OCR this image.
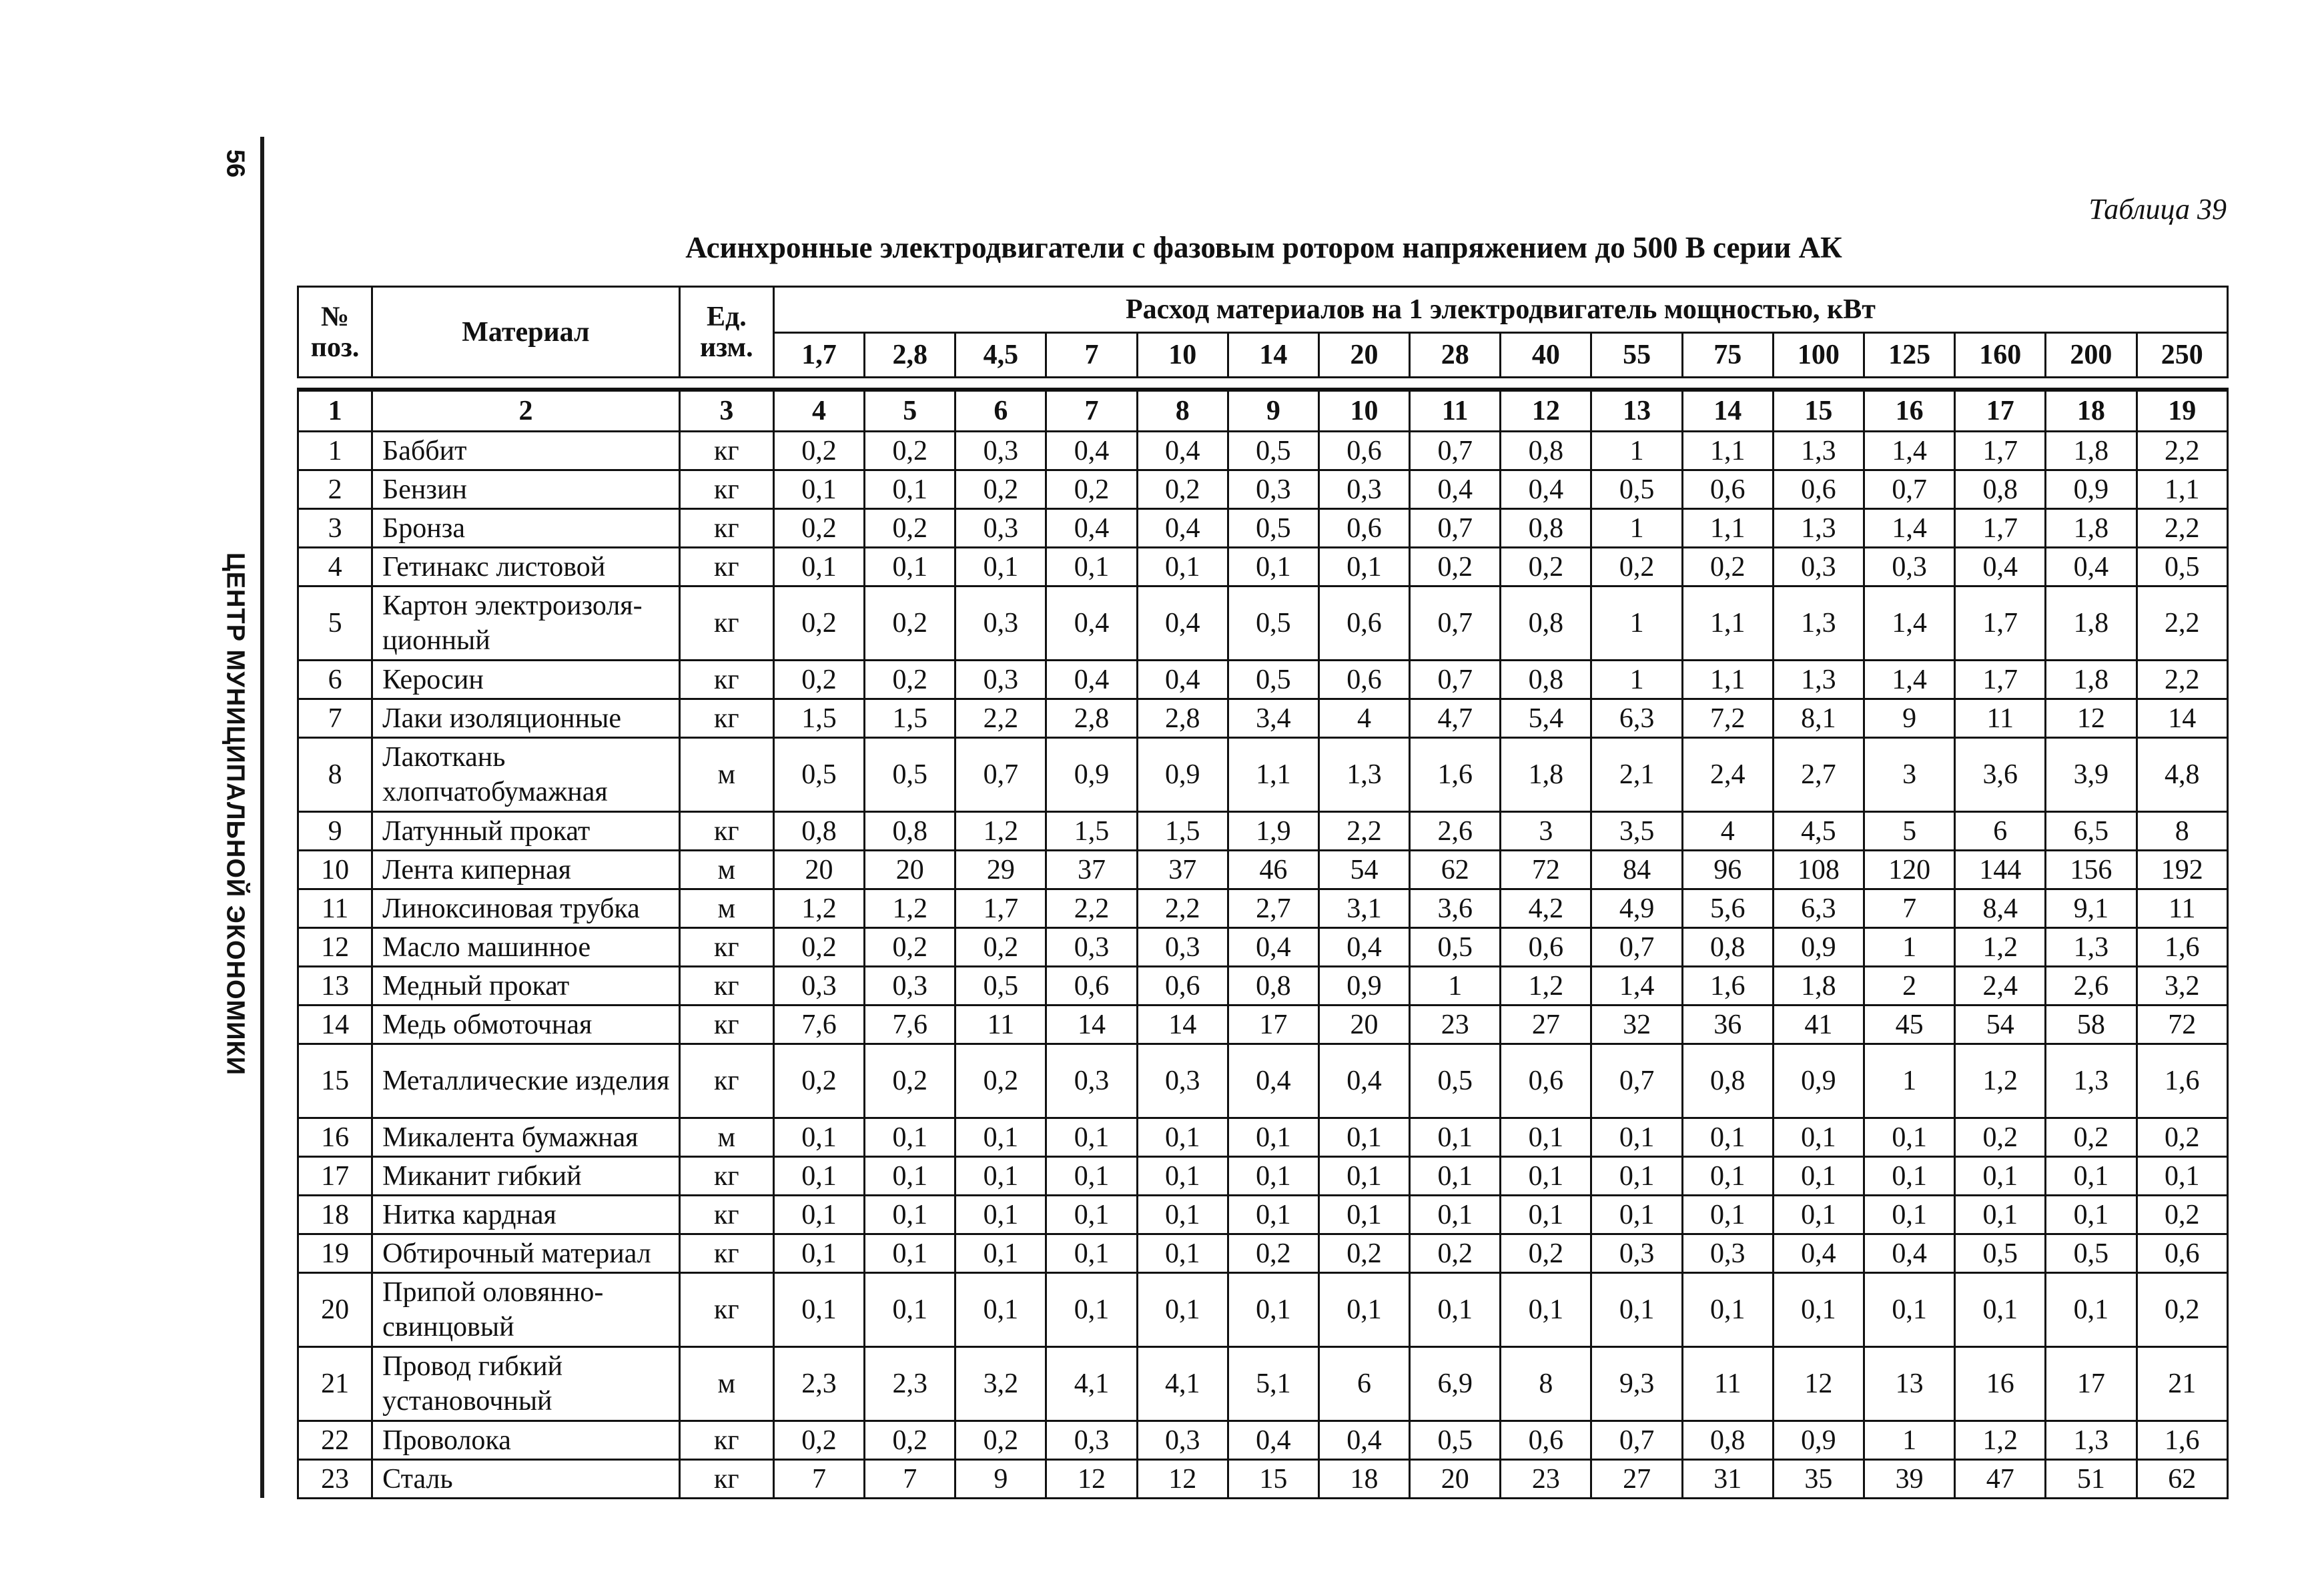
56
ЦЕНТР МУНИЦИПАЛЬНОЙ ЭКОНОМИКИ
Таблица 39
Асинхронные электродвигатели с фазовым ротором напряжением до 500 В серии АК
№ поз.	Материал	Ед. изм.	Расход материалов на 1 электродвигатель мощностью, кВт															
			1,7	2,8	4,5	7	10	14	20	28	40	55	75	100	125	160	200	250

1	2	3	4	5	6	7	8	9	10	11	12	13	14	15	16	17	18	19
1	Баббит	кг	0,2	0,2	0,3	0,4	0,4	0,5	0,6	0,7	0,8	1	1,1	1,3	1,4	1,7	1,8	2,2
2	Бензин	кг	0,1	0,1	0,2	0,2	0,2	0,3	0,3	0,4	0,4	0,5	0,6	0,6	0,7	0,8	0,9	1,1
3	Бронза	кг	0,2	0,2	0,3	0,4	0,4	0,5	0,6	0,7	0,8	1	1,1	1,3	1,4	1,7	1,8	2,2
4	Гетинакс листовой	кг	0,1	0,1	0,1	0,1	0,1	0,1	0,1	0,2	0,2	0,2	0,2	0,3	0,3	0,4	0,4	0,5
5	Картон электроизоля-ционный	кг	0,2	0,2	0,3	0,4	0,4	0,5	0,6	0,7	0,8	1	1,1	1,3	1,4	1,7	1,8	2,2
6	Керосин	кг	0,2	0,2	0,3	0,4	0,4	0,5	0,6	0,7	0,8	1	1,1	1,3	1,4	1,7	1,8	2,2
7	Лаки изоляционные	кг	1,5	1,5	2,2	2,8	2,8	3,4	4	4,7	5,4	6,3	7,2	8,1	9	11	12	14
8	Лакоткань хлопчатобумажная	м	0,5	0,5	0,7	0,9	0,9	1,1	1,3	1,6	1,8	2,1	2,4	2,7	3	3,6	3,9	4,8
9	Латунный прокат	кг	0,8	0,8	1,2	1,5	1,5	1,9	2,2	2,6	3	3,5	4	4,5	5	6	6,5	8
10	Лента киперная	м	20	20	29	37	37	46	54	62	72	84	96	108	120	144	156	192
11	Линоксиновая трубка	м	1,2	1,2	1,7	2,2	2,2	2,7	3,1	3,6	4,2	4,9	5,6	6,3	7	8,4	9,1	11
12	Масло машинное	кг	0,2	0,2	0,2	0,3	0,3	0,4	0,4	0,5	0,6	0,7	0,8	0,9	1	1,2	1,3	1,6
13	Медный прокат	кг	0,3	0,3	0,5	0,6	0,6	0,8	0,9	1	1,2	1,4	1,6	1,8	2	2,4	2,6	3,2
14	Медь обмоточная	кг	7,6	7,6	11	14	14	17	20	23	27	32	36	41	45	54	58	72
15	Металлические изделия	кг	0,2	0,2	0,2	0,3	0,3	0,4	0,4	0,5	0,6	0,7	0,8	0,9	1	1,2	1,3	1,6
16	Микалента бумажная	м	0,1	0,1	0,1	0,1	0,1	0,1	0,1	0,1	0,1	0,1	0,1	0,1	0,1	0,2	0,2	0,2
17	Миканит гибкий	кг	0,1	0,1	0,1	0,1	0,1	0,1	0,1	0,1	0,1	0,1	0,1	0,1	0,1	0,1	0,1	0,1
18	Нитка кардная	кг	0,1	0,1	0,1	0,1	0,1	0,1	0,1	0,1	0,1	0,1	0,1	0,1	0,1	0,1	0,1	0,2
19	Обтирочный материал	кг	0,1	0,1	0,1	0,1	0,1	0,2	0,2	0,2	0,2	0,3	0,3	0,4	0,4	0,5	0,5	0,6
20	Припой оловянно-свинцовый	кг	0,1	0,1	0,1	0,1	0,1	0,1	0,1	0,1	0,1	0,1	0,1	0,1	0,1	0,1	0,1	0,2
21	Провод гибкий установочный	м	2,3	2,3	3,2	4,1	4,1	5,1	6	6,9	8	9,3	11	12	13	16	17	21
22	Проволока	кг	0,2	0,2	0,2	0,3	0,3	0,4	0,4	0,5	0,6	0,7	0,8	0,9	1	1,2	1,3	1,6
23	Сталь	кг	7	7	9	12	12	15	18	20	23	27	31	35	39	47	51	62
